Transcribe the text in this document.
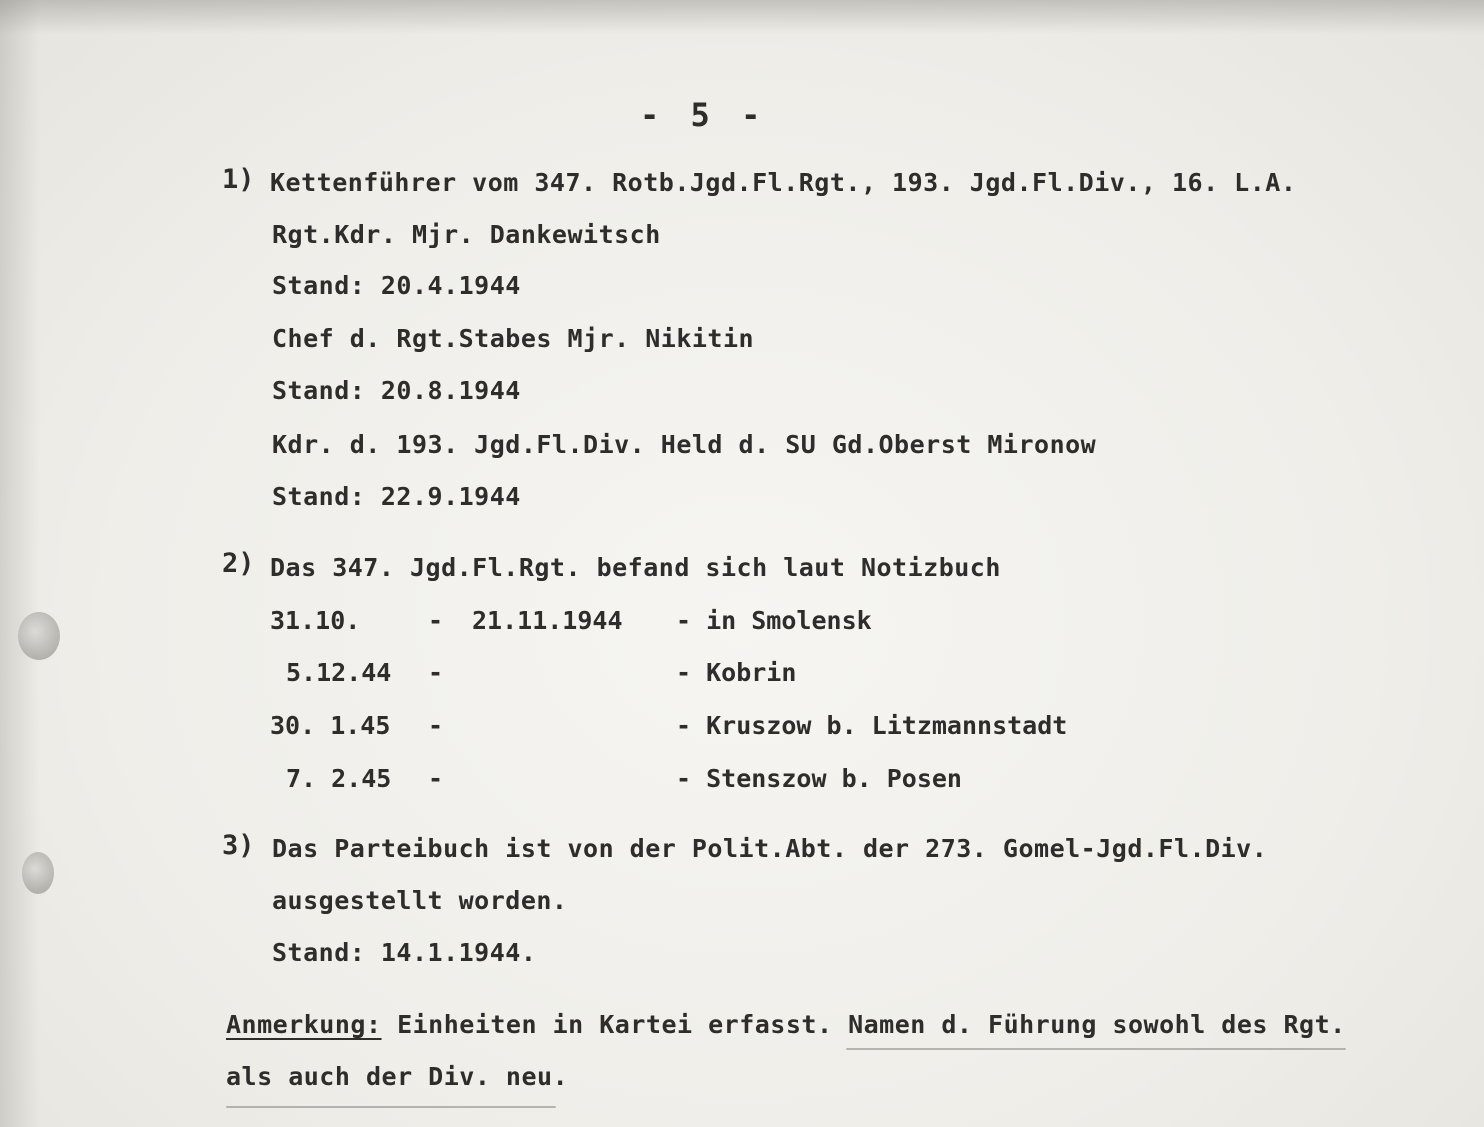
- 5 -
1) Kettenführer vom 347. Rotb.Jgd.Fl.Rgt., 193. Jgd.Fl.Div., 16. L.A.
Rgt.Kdr. Mjr. Dankewitsch
Stand: 20.4.1944
Chef d. Rgt.Stabes Mjr. Nikitin
Stand: 20.8.1944
Kdr. d. 193. Jgd.Fl.Div. Held d. SU Gd.Oberst Mironow
Stand: 22.9.1944
2) Das 347. Jgd.Fl.Rgt. befand sich laut Notizbuch
31.10.	- 21.11.1944 - in Smolensk
5.12.44 -	- Kobrin
30. 1.45 -	- Kruszow b. Litzmannstadt
7. 2.45 -	- Stenszow b. Posen
3) Das Parteibuch ist von der Polit.Abt. der 273. Gomel-Jgd.Fl.Div.
ausgestellt worden.
Stand: 14.1.1944.
Anmerkung: Einheiten in Kartei erfasst. Namen d. Führung sowohl des Rgt.
als auch der Div. neu.
